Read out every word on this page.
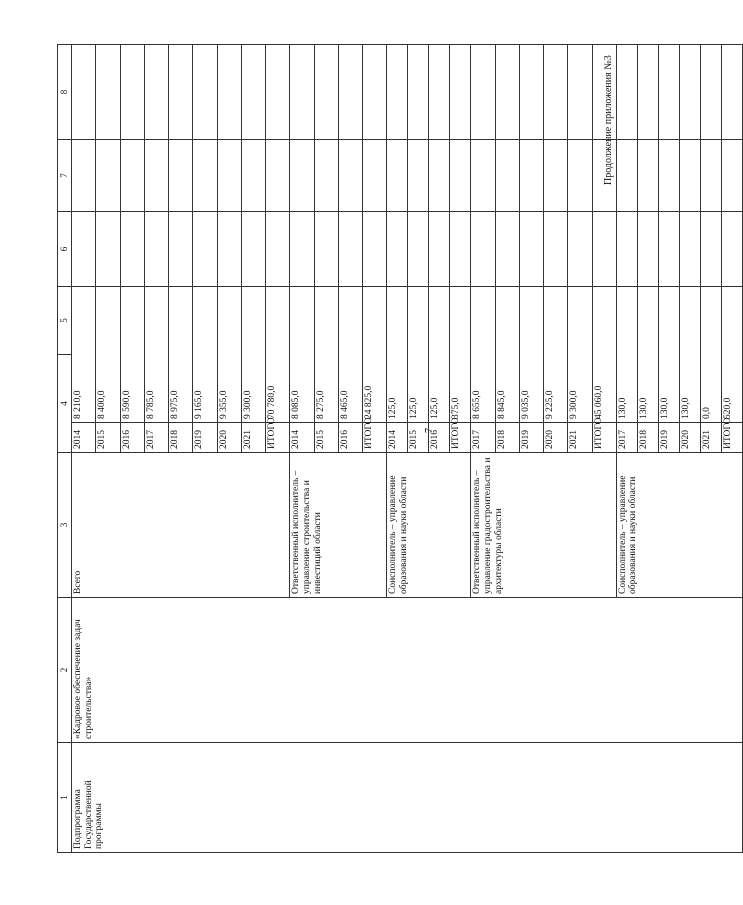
7
Продолжение приложения №3
1	2	3	4		5	6	7	8	
Подпрограмма Государственной программы	«Кадровое обеспечение задач строительства»	Всего	2014	8 210,0				
			2015	8 400,0				
			2016	8 590,0				
			2017	8 785,0				
			2018	8 975,0				
			2019	9 165,0				
			2020	9 355,0				
			2021	9 300,0				
			ИТОГО	70 780,0				
		Ответственный исполнитель – управление строительства и инвестиций области	2014	8 085,0				
			2015	8 275,0				
			2016	8 465,0				
			ИТОГО	24 825,0				
		Соисполнитель – управление образования и науки области	2014	125,0				
			2015	125,0				
			2016	125,0				
			ИТОГО	375,0				
		Ответственный исполнитель – управление градостроительства и архитектуры области	2017	8 655,0				
			2018	8 845,0				
			2019	9 035,0				
			2020	9 225,0				
			2021	9 300,0				
			ИТОГО	45 060,0				
		Соисполнитель – управление образования и науки области	2017	130,0				
			2018	130,0				
			2019	130,0				
			2020	130,0				
			2021	0,0				
			ИТОГО	520,0				
